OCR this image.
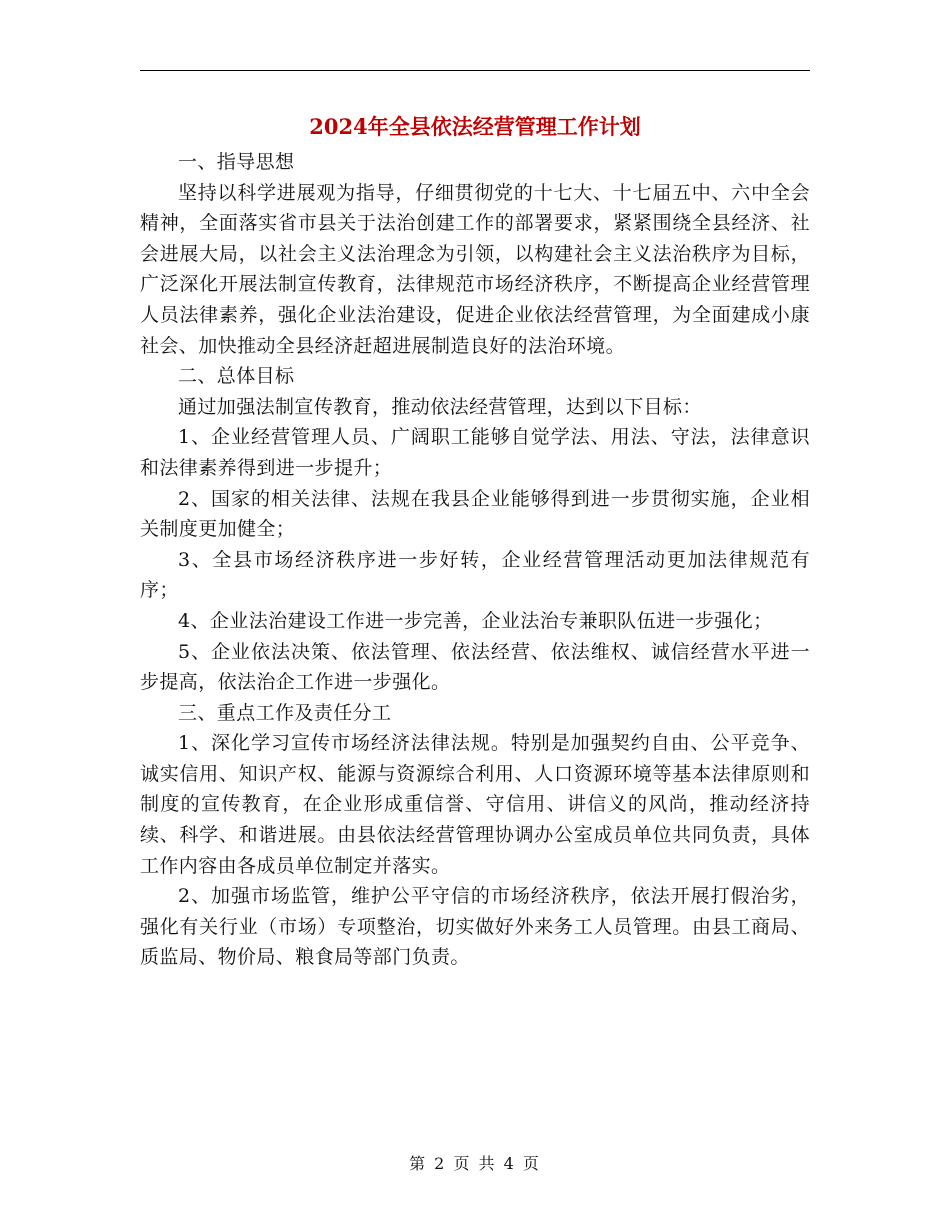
2024年全县依法经营管理工作计划

一、指导思想

坚持以科学进展观为指导，仔细贯彻党的十七大、十七届五中、六中全会精神，全面落实省市县关于法治创建工作的部署要求，紧紧围绕全县经济、社会进展大局，以社会主义法治理念为引领，以构建社会主义法治秩序为目标，广泛深化开展法制宣传教育，法律规范市场经济秩序，不断提高企业经营管理人员法律素养，强化企业法治建设，促进企业依法经营管理，为全面建成小康社会、加快推动全县经济赶超进展制造良好的法治环境。

二、总体目标

通过加强法制宣传教育，推动依法经营管理，达到以下目标：

1、企业经营管理人员、广阔职工能够自觉学法、用法、守法，法律意识和法律素养得到进一步提升；

2、国家的相关法律、法规在我县企业能够得到进一步贯彻实施，企业相关制度更加健全；

3、全县市场经济秩序进一步好转，企业经营管理活动更加法律规范有序；

4、企业法治建设工作进一步完善，企业法治专兼职队伍进一步强化；

5、企业依法决策、依法管理、依法经营、依法维权、诚信经营水平进一步提高，依法治企工作进一步强化。

三、重点工作及责任分工

1、深化学习宣传市场经济法律法规。特别是加强契约自由、公平竞争、诚实信用、知识产权、能源与资源综合利用、人口资源环境等基本法律原则和制度的宣传教育，在企业形成重信誉、守信用、讲信义的风尚，推动经济持续、科学、和谐进展。由县依法经营管理协调办公室成员单位共同负责，具体工作内容由各成员单位制定并落实。

2、加强市场监管，维护公平守信的市场经济秩序，依法开展打假治劣，强化有关行业（市场）专项整治，切实做好外来务工人员管理。由县工商局、质监局、物价局、粮食局等部门负责。

第 2 页 共 4 页
